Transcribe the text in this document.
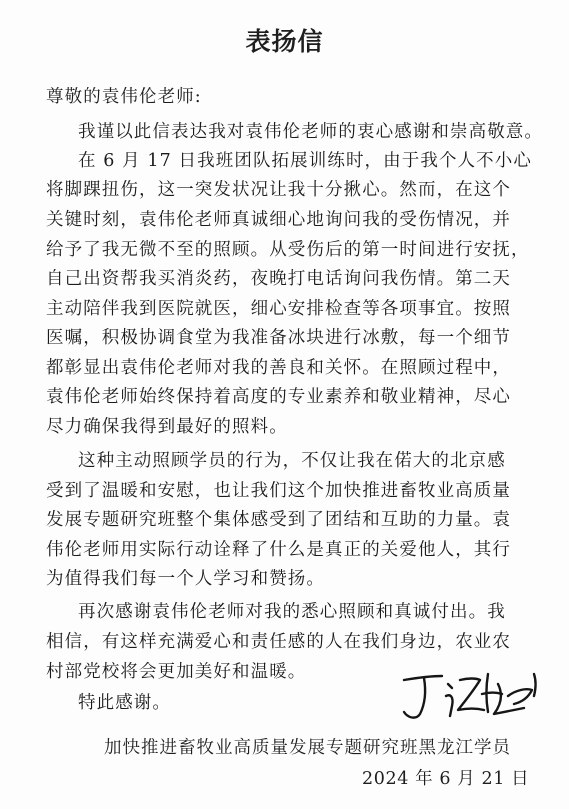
表扬信
尊敬的袁伟伦老师:
我谨以此信表达我对袁伟伦老师的衷心感谢和崇高敬意。
在 6 月 17 日我班团队拓展训练时，由于我个人不小心
将脚踝扭伤，这一突发状况让我十分揪心。然而，在这个
关键时刻，袁伟伦老师真诚细心地询问我的受伤情况，并
给予了我无微不至的照顾。从受伤后的第一时间进行安抚，
自己出资帮我买消炎药，夜晚打电话询问我伤情。第二天
主动陪伴我到医院就医，细心安排检查等各项事宜。按照
医嘱，积极协调食堂为我准备冰块进行冰敷，每一个细节
都彰显出袁伟伦老师对我的善良和关怀。在照顾过程中，
袁伟伦老师始终保持着高度的专业素养和敬业精神，尽心
尽力确保我得到最好的照料。
这种主动照顾学员的行为，不仅让我在偌大的北京感
受到了温暖和安慰，也让我们这个加快推进畜牧业高质量
发展专题研究班整个集体感受到了团结和互助的力量。袁
伟伦老师用实际行动诠释了什么是真正的关爱他人，其行
为值得我们每一个人学习和赞扬。
再次感谢袁伟伦老师对我的悉心照顾和真诚付出。我
相信，有这样充满爱心和责任感的人在我们身边，农业农
村部党校将会更加美好和温暖。
特此感谢。
加快推进畜牧业高质量发展专题研究班黑龙江学员
2024 年 6 月 21 日
